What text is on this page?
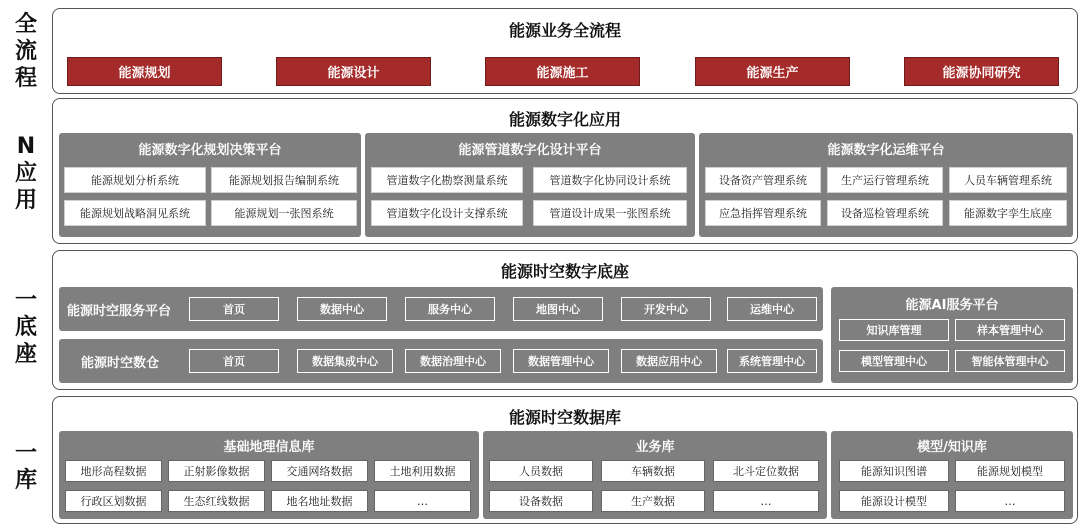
全
流
程
N
应
用
一
底
座
一
库
能源业务全流程
能源规划	能源设计	能源施工	能源生产	能源协同研究
能源数字化应用
能源数字化规划决策平台
能源规划分析系统	能源规划报告编制系统
能源规划战略洞见系统	能源规划一张图系统
能源管道数字化设计平台
管道数字化勘察测量系统	管道数字化协同设计系统
管道数字化设计支撑系统	管道设计成果一张图系统
能源数字化运维平台
设备资产管理系统	生产运行管理系统	人员车辆管理系统
应急指挥管理系统	设备巡检管理系统	能源数字孪生底座
能源时空数字底座
能源时空服务平台	首页	数据中心	服务中心	地图中心	开发中心	运维中心
能源时空数仓	首页	数据集成中心	数据治理中心	数据管理中心	数据应用中心	系统管理中心
能源AI服务平台
知识库管理	样本管理中心
模型管理中心	智能体管理中心
能源时空数据库
基础地理信息库
地形高程数据	正射影像数据	交通网络数据	土地利用数据
行政区划数据	生态红线数据	地名地址数据	…
业务库
人员数据	车辆数据	北斗定位数据
设备数据	生产数据	…
模型/知识库
能源知识图谱	能源规划模型
能源设计模型	…
